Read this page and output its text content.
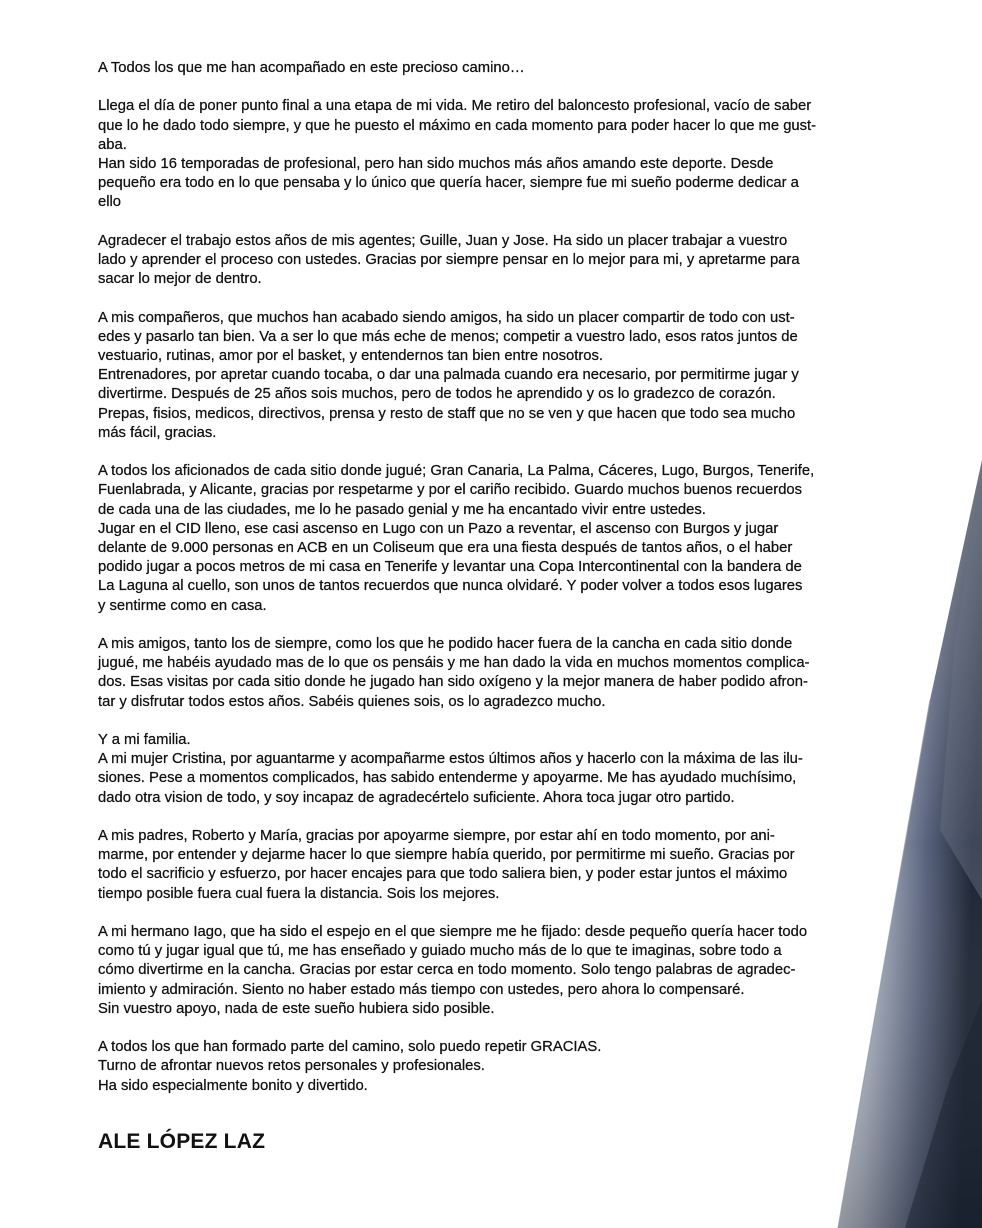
A Todos los que me han acompañado en este precioso camino…

Llega el día de poner punto final a una etapa de mi vida. Me retiro del baloncesto profesional, vacío de saber
que lo he dado todo siempre, y que he puesto el máximo en cada momento para poder hacer lo que me gust-
aba.
Han sido 16 temporadas de profesional, pero han sido muchos más años amando este deporte. Desde
pequeño era todo en lo que pensaba y lo único que quería hacer, siempre fue mi sueño poderme dedicar a
ello

Agradecer el trabajo estos años de mis agentes; Guille, Juan y Jose. Ha sido un placer trabajar a vuestro
lado y aprender el proceso con ustedes. Gracias por siempre pensar en lo mejor para mi, y apretarme para
sacar lo mejor de dentro.

A mis compañeros, que muchos han acabado siendo amigos, ha sido un placer compartir de todo con ust-
edes y pasarlo tan bien. Va a ser lo que más eche de menos; competir a vuestro lado, esos ratos juntos de
vestuario, rutinas, amor por el basket, y entendernos tan bien entre nosotros.
Entrenadores, por apretar cuando tocaba, o dar una palmada cuando era necesario, por permitirme jugar y
divertirme. Después de 25 años sois muchos, pero de todos he aprendido y os lo gradezco de corazón.
Prepas, fisios, medicos, directivos, prensa y resto de staff que no se ven y que hacen que todo sea mucho
más fácil, gracias.

A todos los aficionados de cada sitio donde jugué; Gran Canaria, La Palma, Cáceres, Lugo, Burgos, Tenerife,
Fuenlabrada, y Alicante, gracias por respetarme y por el cariño recibido. Guardo muchos buenos recuerdos
de cada una de las ciudades, me lo he pasado genial y me ha encantado vivir entre ustedes.
Jugar en el CID lleno, ese casi ascenso en Lugo con un Pazo a reventar, el ascenso con Burgos y jugar
delante de 9.000 personas en ACB en un Coliseum que era una fiesta después de tantos años, o el haber
podido jugar a pocos metros de mi casa en Tenerife y levantar una Copa Intercontinental con la bandera de
La Laguna al cuello, son unos de tantos recuerdos que nunca olvidaré. Y poder volver a todos esos lugares
y sentirme como en casa.

A mis amigos, tanto los de siempre, como los que he podido hacer fuera de la cancha en cada sitio donde
jugué, me habéis ayudado mas de lo que os pensáis y me han dado la vida en muchos momentos complica-
dos. Esas visitas por cada sitio donde he jugado han sido oxígeno y la mejor manera de haber podido afron-
tar y disfrutar todos estos años. Sabéis quienes sois, os lo agradezco mucho.

Y a mi familia.
A mi mujer Cristina, por aguantarme y acompañarme estos últimos años y hacerlo con la máxima de las ilu-
siones. Pese a momentos complicados, has sabido entenderme y apoyarme. Me has ayudado muchísimo,
dado otra vision de todo, y soy incapaz de agradecértelo suficiente. Ahora toca jugar otro partido.

A mis padres, Roberto y María, gracias por apoyarme siempre, por estar ahí en todo momento, por ani-
marme, por entender y dejarme hacer lo que siempre había querido, por permitirme mi sueño. Gracias por
todo el sacrificio y esfuerzo, por hacer encajes para que todo saliera bien, y poder estar juntos el máximo
tiempo posible fuera cual fuera la distancia. Sois los mejores.

A mi hermano Iago, que ha sido el espejo en el que siempre me he fijado: desde pequeño quería hacer todo
como tú y jugar igual que tú, me has enseñado y guiado mucho más de lo que te imaginas, sobre todo a
cómo divertirme en la cancha. Gracias por estar cerca en todo momento. Solo tengo palabras de agradec-
imiento y admiración. Siento no haber estado más tiempo con ustedes, pero ahora lo compensaré.
Sin vuestro apoyo, nada de este sueño hubiera sido posible.

A todos los que han formado parte del camino, solo puedo repetir GRACIAS.
Turno de afrontar nuevos retos personales y profesionales.
Ha sido especialmente bonito y divertido.

ALE LÓPEZ LAZ
